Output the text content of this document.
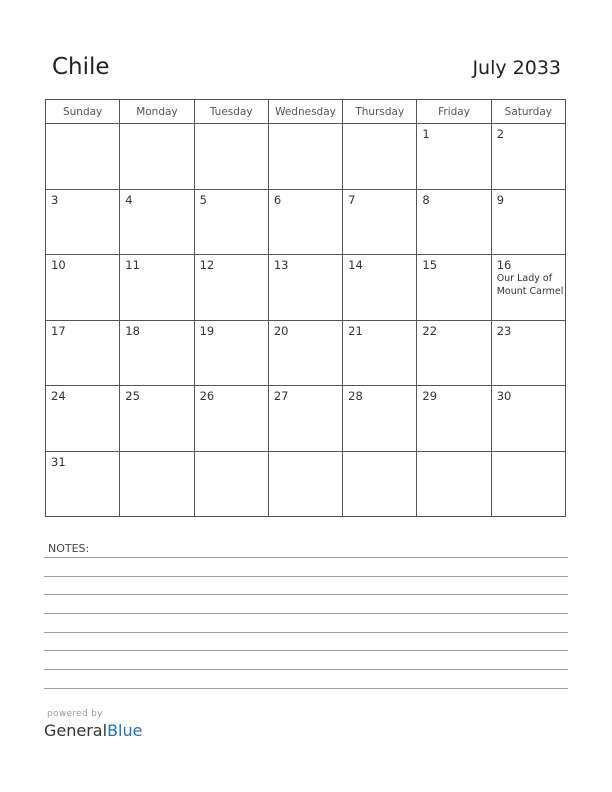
Chile	July 2033
Sunday	Monday	Tuesday	Wednesday	Thursday	Friday	Saturday

					1	2

3	4	5	6	7	8	9

10	11	12	13	14	15	16
Our Lady of Mount Carmel

17	18	19	20	21	22	23

24	25	26	27	28	29	30

31						

NOTES:
powered by
GeneralBlue
